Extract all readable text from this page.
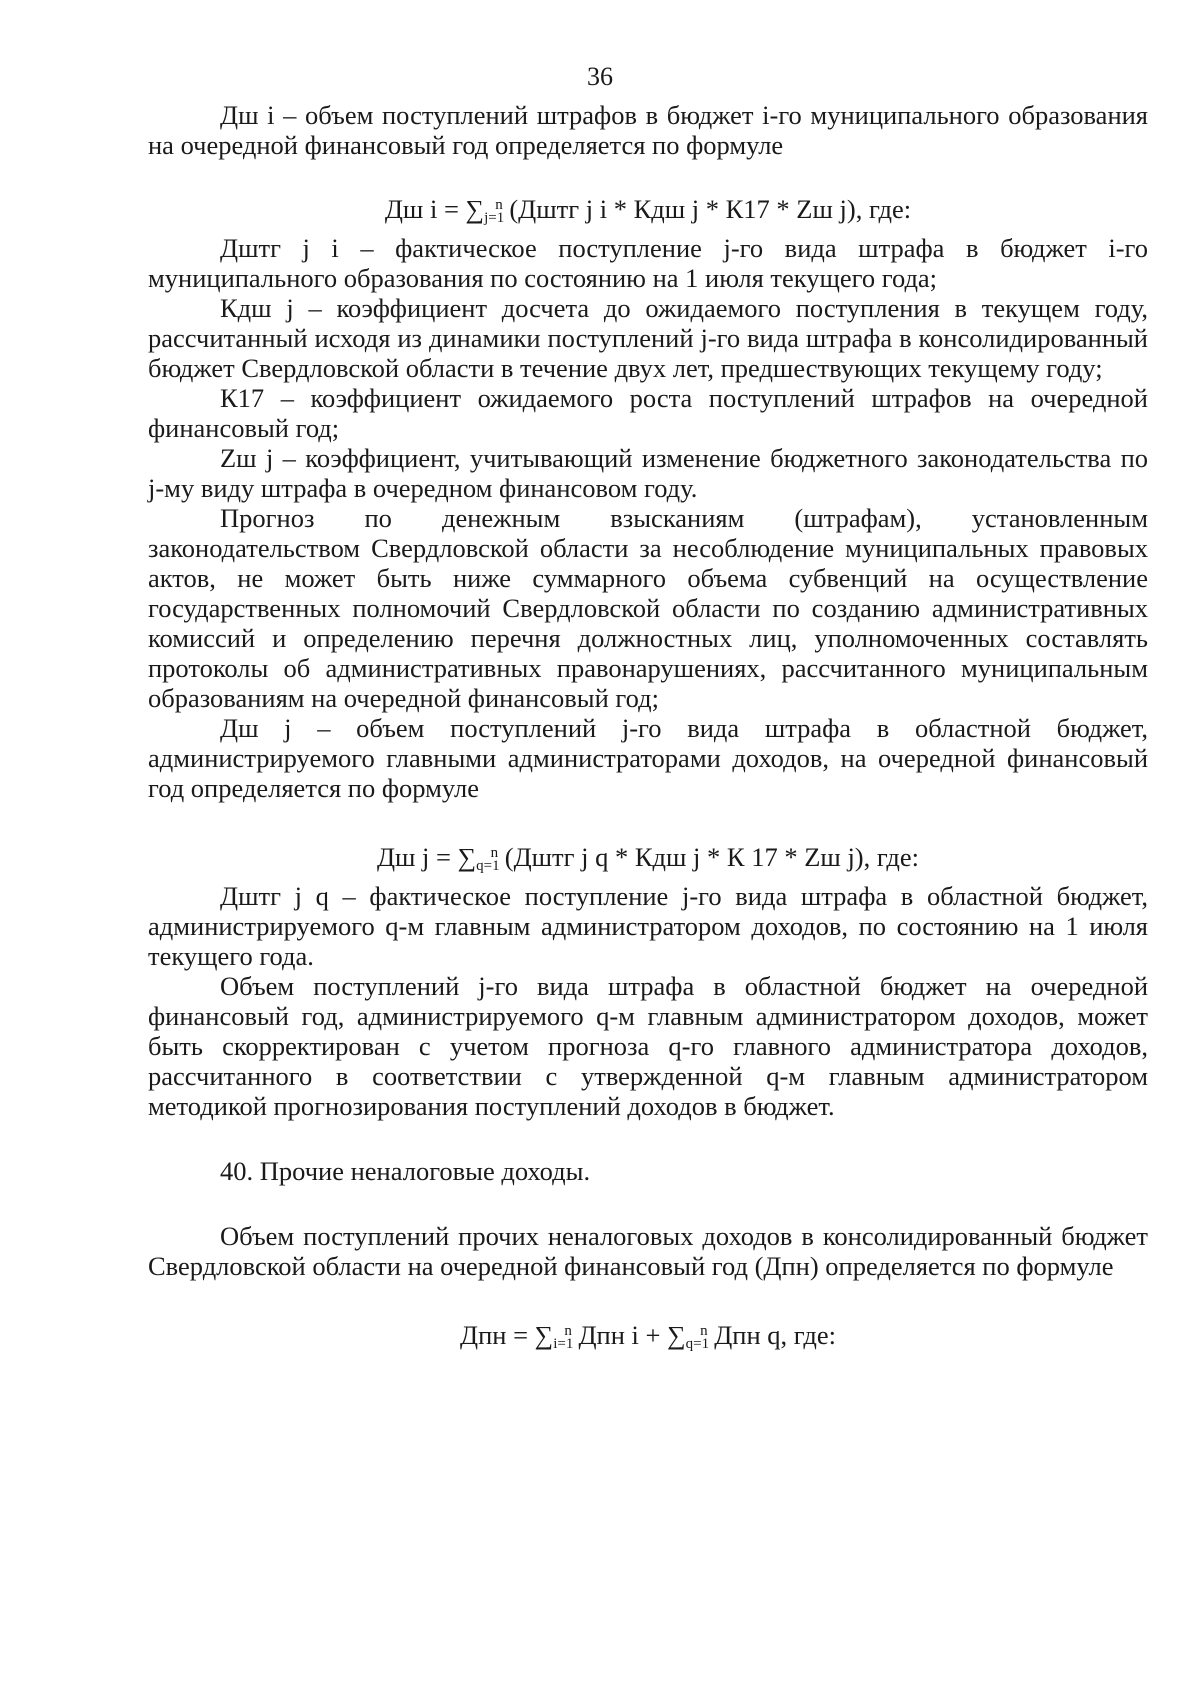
36

Дш i – объем поступлений штрафов в бюджет i-го муниципального образования на очередной финансовый год определяется по формуле

Дш $i = \sum_{j=1}^n$ (Дштг j i * Кдш j * К17 * Zш j), где:

Дштг j i – фактическое поступление j-го вида штрафа в бюджет i-го муниципального образования по состоянию на 1 июля текущего года;

Кдш j – коэффициент досчета до ожидаемого поступления в текущем году, рассчитанный исходя из динамики поступлений j-го вида штрафа в консолидированный бюджет Свердловской области в течение двух лет, предшествующих текущему году;

К17 – коэффициент ожидаемого роста поступлений штрафов на очередной финансовый год;

Zш j – коэффициент, учитывающий изменение бюджетного законодательства по j-му виду штрафа в очередном финансовом году.

Прогноз по денежным взысканиям (штрафам), установленным законодательством Свердловской области за несоблюдение муниципальных правовых актов, не может быть ниже суммарного объема субвенций на осуществление государственных полномочий Свердловской области по созданию административных комиссий и определению перечня должностных лиц, уполномоченных составлять протоколы об административных правонарушениях, рассчитанного муниципальным образованиям на очередной финансовый год;

Дш j – объем поступлений j-го вида штрафа в областной бюджет, администрируемого главными администраторами доходов, на очередной финансовый год определяется по формуле

Дш $j = \sum_{q=1}^n$ (Дштг j q * Кдш j * К 17 * Zш j), где:

Дштг j q – фактическое поступление j-го вида штрафа в областной бюджет, администрируемого q-м главным администратором доходов, по состоянию на 1 июля текущего года.

Объем поступлений j-го вида штрафа в областной бюджет на очередной финансовый год, администрируемого q-м главным администратором доходов, может быть скорректирован с учетом прогноза q-го главного администратора доходов, рассчитанного в соответствии с утвержденной q-м главным администратором методикой прогнозирования поступлений доходов в бюджет.

40. Прочие неналоговые доходы.

Объем поступлений прочих неналоговых доходов в консолидированный бюджет Свердловской области на очередной финансовый год (Дпн) определяется по формуле

Дпн = $\sum_{i=1}^n$ Дпн $i + \sum_{q=1}^n$ Дпн q, где:
